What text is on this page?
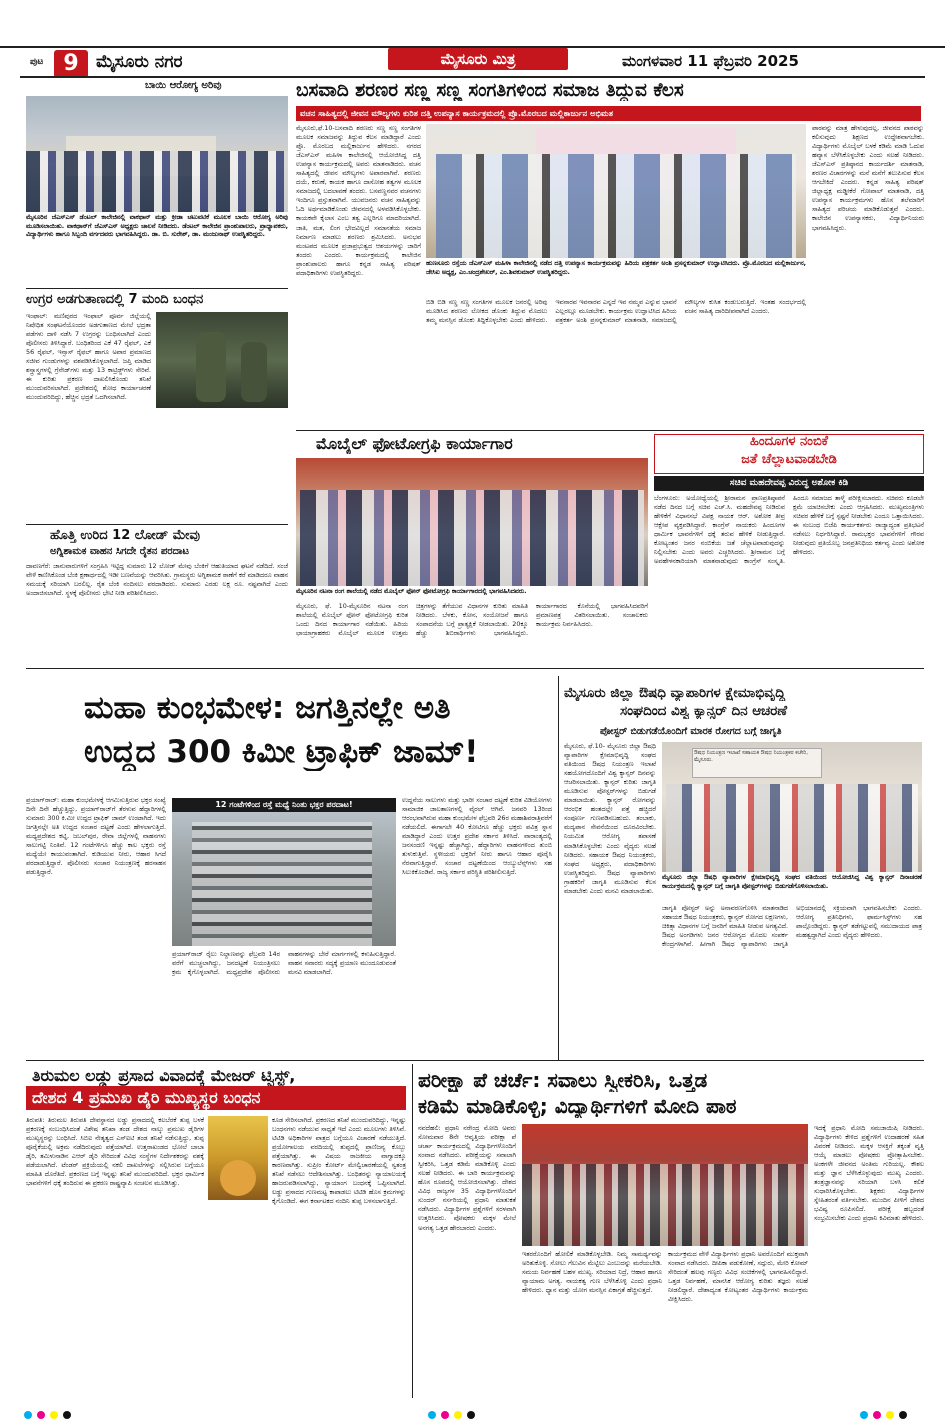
ಪುಟ 9	ಮೈಸೂರು ನಗರ	ಮೈಸೂರು ಮಿತ್ರ	ಮಂಗಳವಾರ 11 ಫೆಬ್ರವರಿ 2025
ಬಾಯಿ ಆರೋಗ್ಯ ಅರಿವು
ಮೈಸೂರಿನ ಜೆಎಸ್‌ಎಸ್ ಡೆಂಟಲ್ ಕಾಲೇಜಿನಲ್ಲಿ ವಾಕಥಾನ್ ಮತ್ತು ಕ್ರೀಡಾ ಚಟುವಟಿಕೆ ಮೂಲಕ ಬಾಯಿ ಆರೋಗ್ಯ ಅರಿವು ಮೂಡಿಸಲಾಯಿತು. ವಾಕಥಾನ್‌ಗೆ ಜೆಎಸ್‌ಎಸ್ ಅಧ್ಯಕ್ಷರು ಚಾಲನೆ ನೀಡಿದರು. ಡೆಂಟಲ್ ಕಾಲೇಜಿನ ಪ್ರಾಂಶುಪಾಲರು, ಪ್ರಾಧ್ಯಾಪಕರು, ವಿದ್ಯಾರ್ಥಿಗಳು ಹಾಗೂ ಸಿಬ್ಬಂದಿ ವರ್ಗದವರು ಭಾಗವಹಿಸಿದ್ದರು. ಡಾ. ಬಿ. ಸುರೇಶ್, ಡಾ. ಮಂಜುನಾಥ್ ಉಪಸ್ಥಿತರಿದ್ದರು.
ಉಗ್ರರ ಅಡಗುತಾಣದಲ್ಲಿ 7 ಮಂದಿ ಬಂಧನ
ಇಂಫಾಲ್: ಮಣಿಪುರದ ಇಂಫಾಲ್ ಪೂರ್ವ ಜಿಲ್ಲೆಯಲ್ಲಿ ನಿಷೇಧಿತ ಸಂಘಟನೆಯೊಂದರ ಅಡಗುತಾಣದ ಮೇಲೆ ಭದ್ರತಾ ಪಡೆಗಳು ದಾಳಿ ನಡೆಸಿ 7 ಉಗ್ರರನ್ನು ಬಂಧಿಸಲಾಗಿದೆ ಎಂದು ಪೊಲೀಸರು ತಿಳಿಸಿದ್ದಾರೆ. ಬಂಧಿತರಿಂದ ಎಕೆ 47 ರೈಫಲ್, ಎಕೆ 56 ರೈಫಲ್, ಇನ್ಸಾಸ್ ರೈಫಲ್ ಹಾಗೂ ಅಪಾರ ಪ್ರಮಾಣದ ಸಜೀವ ಗುಂಡುಗಳನ್ನು ವಶಪಡಿಸಿಕೊಳ್ಳಲಾಗಿದೆ. ಜಪ್ತಿ ಮಾಡಿದ ಶಸ್ತ್ರಾಸ್ತ್ರಗಳಲ್ಲಿ ಗ್ರೆನೇಡ್‌ಗಳು ಮತ್ತು 13 ಕಾಟ್ರಿಡ್ಜ್‌ಗಳು ಸೇರಿವೆ. ಈ ಕುರಿತು ಪ್ರಕರಣ ದಾಖಲಿಸಿಕೊಂಡು ತನಿಖೆ ಮುಂದುವರಿಸಲಾಗಿದೆ. ಪ್ರದೇಶದಲ್ಲಿ ಶೋಧ ಕಾರ್ಯಾಚರಣೆ ಮುಂದುವರಿದಿದ್ದು, ಹೆಚ್ಚಿನ ಭದ್ರತೆ ಒದಗಿಸಲಾಗಿದೆ.
ಹೊತ್ತಿ ಉರಿದ 12 ಲೋಡ್ ಮೇವು
ಅಗ್ನಿಶಾಮಕ ವಾಹನ ಸಿಗದೇ ರೈತನ ಪರದಾಟ
ದಾವಣಗೆರೆ: ಜಾನುವಾರುಗಳಿಗೆ ಸಂಗ್ರಹಿಸಿ ಇಟ್ಟಿದ್ದ ಸುಮಾರು 12 ಲೋಡ್ ಮೇವು ಬೆಂಕಿಗೆ ಆಹುತಿಯಾದ ಘಟನೆ ನಡೆದಿದೆ. ಸಂಜೆ ವೇಳೆ ಕಾಣಿಸಿಕೊಂಡ ಬೆಂಕಿ ಕ್ಷಣಾರ್ಧದಲ್ಲಿ ಇಡೀ ಬಣವೆಯನ್ನು ಆವರಿಸಿತು. ಗ್ರಾಮಸ್ಥರು ಅಗ್ನಿಶಾಮಕ ಠಾಣೆಗೆ ಕರೆ ಮಾಡಿದರೂ ವಾಹನ ಸಮಯಕ್ಕೆ ಸರಿಯಾಗಿ ಬರಲಿಲ್ಲ. ರೈತ ಬೆಂಕಿ ನಂದಿಸಲು ಪರದಾಡಿದರು. ಸುಮಾರು ಎರಡು ಲಕ್ಷ ರೂ. ನಷ್ಟವಾಗಿದೆ ಎಂದು ಅಂದಾಜಿಸಲಾಗಿದೆ. ಸ್ಥಳಕ್ಕೆ ಪೊಲೀಸರು ಭೇಟಿ ನೀಡಿ ಪರಿಶೀಲಿಸಿದರು.
ಬಸವಾದಿ ಶರಣರ ಸಣ್ಣ ಸಣ್ಣ ಸಂಗತಿಗಳಿಂದ ಸಮಾಜ ತಿದ್ದುವ ಕೆಲಸ
ವಚನ ಸಾಹಿತ್ಯದಲ್ಲಿ ಜೀವನ ಮೌಲ್ಯಗಳು ಕುರಿತ ದತ್ತಿ ಉಪನ್ಯಾಸ ಕಾರ್ಯಕ್ರಮದಲ್ಲಿ ಪ್ರೊ.ಮೊರಬದ ಮಲ್ಲಿಕಾರ್ಜುನ ಅಭಿಮತ
ಮೈಸೂರು,ಫೆ.10-ಬಸವಾದಿ ಶರಣರು ಸಣ್ಣ ಸಣ್ಣ ಸಂಗತಿಗಳ ಮೂಲಕ ಸಮಾಜವನ್ನು ತಿದ್ದುವ ಕೆಲಸ ಮಾಡಿದ್ದಾರೆ ಎಂದು ಪ್ರೊ. ಮೊರಬದ ಮಲ್ಲಿಕಾರ್ಜುನ ಹೇಳಿದರು. ನಗರದ ಜೆಎಸ್‌ಎಸ್ ಮಹಿಳಾ ಕಾಲೇಜಿನಲ್ಲಿ ಆಯೋಜಿಸಿದ್ದ ದತ್ತಿ ಉಪನ್ಯಾಸ ಕಾರ್ಯಕ್ರಮದಲ್ಲಿ ಅವರು ಮಾತನಾಡಿದರು. ವಚನ ಸಾಹಿತ್ಯದಲ್ಲಿ ಜೀವನ ಮೌಲ್ಯಗಳು ಅಪಾರವಾಗಿವೆ. ಶರಣರು ದಯೆ, ಕರುಣೆ, ಕಾಯಕ ಹಾಗೂ ದಾಸೋಹ ತತ್ವಗಳ ಮೂಲಕ ಸಮಾಜದಲ್ಲಿ ಬದಲಾವಣೆ ತಂದರು. ಬಸವಣ್ಣನವರ ವಚನಗಳು ಇಂದಿಗೂ ಪ್ರಸ್ತುತವಾಗಿವೆ. ಯುವಜನರು ವಚನ ಸಾಹಿತ್ಯವನ್ನು ಓದಿ ಅರ್ಥಮಾಡಿಕೊಂಡು ಜೀವನದಲ್ಲಿ ಅಳವಡಿಸಿಕೊಳ್ಳಬೇಕು. ಕಾಯಕವೇ ಕೈಲಾಸ ಎಂಬ ತತ್ವ ಎಲ್ಲರಿಗೂ ಮಾದರಿಯಾಗಿದೆ. ಜಾತಿ, ಮತ, ಲಿಂಗ ಭೇದವಿಲ್ಲದೆ ಸಮಾನತೆಯ ಸಮಾಜ ನಿರ್ಮಾಣ ಮಾಡಲು ಶರಣರು ಶ್ರಮಿಸಿದರು. ಅನುಭವ ಮಂಟಪದ ಮೂಲಕ ಪ್ರಜಾಪ್ರಭುತ್ವದ ಆಶಯಗಳನ್ನು ಜಾರಿಗೆ ತಂದರು ಎಂದರು. ಕಾರ್ಯಕ್ರಮದಲ್ಲಿ ಕಾಲೇಜಿನ ಪ್ರಾಂಶುಪಾಲರು ಹಾಗೂ ಕನ್ನಡ ಸಾಹಿತ್ಯ ಪರಿಷತ್ ಪದಾಧಿಕಾರಿಗಳು ಉಪಸ್ಥಿತರಿದ್ದರು.
ಹುಣಸೂರು ರಸ್ತೆಯ ಜೆಎಸ್‌ಎಸ್ ಮಹಿಳಾ ಕಾಲೇಜಿನಲ್ಲಿ ನಡೆದ ದತ್ತಿ ಉಪನ್ಯಾಸ ಕಾರ್ಯಕ್ರಮವನ್ನು ಹಿರಿಯ ಪತ್ರಕರ್ತ ಅಂಶಿ ಪ್ರಸನ್ನಕುಮಾರ್ ಉದ್ಘಾಟಿಸಿದರು. ಪ್ರೊ.ಮೊರಬದ ಮಲ್ಲಿಕಾರ್ಜುನ, ಜೇಸಿಐ ಅಧ್ಯಕ್ಷ, ಎಂ.ಚಂದ್ರಶೇಖರ್, ಎಂ.ಶಿವಕುಮಾರ್ ಉಪಸ್ಥಿತರಿದ್ದರು.
ಪಾಠವನ್ನು ಮಾತ್ರ ಹೇಳುವುದಲ್ಲ, ಜೀವನದ ಪಾಠವನ್ನು ಕಲಿಸುವುದು ಶಿಕ್ಷಣದ ಉದ್ದೇಶವಾಗಬೇಕು. ವಿದ್ಯಾರ್ಥಿಗಳು ಮೊಬೈಲ್ ಬಳಕೆ ಕಡಿಮೆ ಮಾಡಿ ಓದುವ ಹವ್ಯಾಸ ಬೆಳೆಸಿಕೊಳ್ಳಬೇಕು ಎಂದು ಸಲಹೆ ನೀಡಿದರು. ಜೆಎಸ್‌ಎಸ್ ಪ್ರತಿಷ್ಠಾನದ ಕಾರ್ಯದರ್ಶಿ ಮಾತನಾಡಿ, ಶರಣರ ವಿಚಾರಗಳನ್ನು ಮನೆ ಮನೆಗೆ ತಲುಪಿಸುವ ಕೆಲಸ ಆಗಬೇಕಿದೆ ಎಂದರು. ಕನ್ನಡ ಸಾಹಿತ್ಯ ಪರಿಷತ್ ಜಿಲ್ಲಾಧ್ಯಕ್ಷ ಮಡ್ಡೀಕೆರೆ ಗೋಪಾಲ್ ಮಾತನಾಡಿ, ದತ್ತಿ ಉಪನ್ಯಾಸ ಕಾರ್ಯಕ್ರಮಗಳು ಹೊಸ ತಲೆಮಾರಿಗೆ ಸಾಹಿತ್ಯದ ಪರಿಚಯ ಮಾಡಿಕೊಡುತ್ತವೆ ಎಂದರು. ಕಾಲೇಜಿನ ಉಪನ್ಯಾಸಕರು, ವಿದ್ಯಾರ್ಥಿನಿಯರು ಭಾಗವಹಿಸಿದ್ದರು.
ಬಿಡಿ ಬಿಡಿ ಸಣ್ಣ ಸಣ್ಣ ಸಂಗತಿಗಳ ಮೂಲಕ ಜನರಲ್ಲಿ ಅರಿವು ಮೂಡಿಸಿದ ಶರಣರು ಲೋಕದ ಡೊಂಕು ತಿದ್ದುವ ಮೊದಲು ತಮ್ಮ ಮನಸ್ಸಿನ ಡೊಂಕು ತಿದ್ದಿಕೊಳ್ಳಬೇಕು ಎಂದು ಹೇಳಿದರು. ಇವನಾರವ ಇವನಾರವ ಎನ್ನದೆ ಇವ ನಮ್ಮವ ಎನ್ನುವ ಭಾವನೆ ಎಲ್ಲರಲ್ಲೂ ಮೂಡಬೇಕು. ಕಾರ್ಯಕ್ರಮ ಉದ್ಘಾಟಿಸಿದ ಹಿರಿಯ ಪತ್ರಕರ್ತ ಅಂಶಿ ಪ್ರಸನ್ನಕುಮಾರ್ ಮಾತನಾಡಿ, ಸಮಾಜದಲ್ಲಿ ಮೌಲ್ಯಗಳ ಕುಸಿತ ಕಂಡುಬರುತ್ತಿದೆ. ಇಂತಹ ಸಂದರ್ಭದಲ್ಲಿ ವಚನ ಸಾಹಿತ್ಯ ದಾರಿದೀಪವಾಗಿದೆ ಎಂದರು.
ಮೊಬೈಲ್ ಫೋಟೋಗ್ರಫಿ ಕಾರ್ಯಾಗಾರ
ಮೈಸೂರಿನ ನಟನಾ ರಂಗ ಶಾಲೆಯಲ್ಲಿ ನಡೆದ ಮೊಬೈಲ್ ಫೋನ್ ಫೋಟೋಗ್ರಫಿ ಕಾರ್ಯಾಗಾರದಲ್ಲಿ ಭಾಗವಹಿಸಿದವರು.
ಮೈಸೂರು, ಫೆ. 10-ಮೈಸೂರಿನ ನಟನಾ ರಂಗ ಶಾಲೆಯಲ್ಲಿ ಮೊಬೈಲ್ ಫೋನ್ ಫೋಟೋಗ್ರಫಿ ಕುರಿತ ಒಂದು ದಿನದ ಕಾರ್ಯಾಗಾರ ನಡೆಯಿತು. ಹಿರಿಯ ಛಾಯಾಗ್ರಾಹಕರು ಮೊಬೈಲ್ ಮೂಲಕ ಉತ್ತಮ ಚಿತ್ರಗಳನ್ನು ತೆಗೆಯುವ ವಿಧಾನಗಳ ಕುರಿತು ಮಾಹಿತಿ ನೀಡಿದರು. ಬೆಳಕು, ಕೋನ, ಸಂಯೋಜನೆ ಹಾಗೂ ಸಂಪಾದನೆಯ ಬಗ್ಗೆ ಪ್ರಾತ್ಯಕ್ಷಿಕೆ ನೀಡಲಾಯಿತು. 20ಕ್ಕೂ ಹೆಚ್ಚು ಶಿಬಿರಾರ್ಥಿಗಳು ಭಾಗವಹಿಸಿದ್ದರು. ಕಾರ್ಯಾಗಾರದ ಕೊನೆಯಲ್ಲಿ ಭಾಗವಹಿಸಿದವರಿಗೆ ಪ್ರಮಾಣಪತ್ರ ವಿತರಿಸಲಾಯಿತು. ಸಂಚಾಲಕರು ಕಾರ್ಯಕ್ರಮ ನಿರ್ವಹಿಸಿದರು.
ಹಿಂದೂಗಳ ನಂಬಿಕೆ
ಜತೆ ಚೆಲ್ಲಾಟವಾಡಬೇಡಿ
ಸಚಿವ ಮಹದೇವಪ್ಪ ವಿರುದ್ಧ ಅಶೋಕ ಕಿಡಿ
ಬೆಂಗಳೂರು: ಅಯೋಧ್ಯೆಯಲ್ಲಿ ಶ್ರೀರಾಮನ ಪ್ರಾಣಪ್ರತಿಷ್ಠಾಪನೆ ನಡೆದ ದಿನದ ಬಗ್ಗೆ ಸಚಿವ ಎಚ್.ಸಿ. ಮಹದೇವಪ್ಪ ನೀಡಿರುವ ಹೇಳಿಕೆಗೆ ವಿಧಾನಸಭೆ ವಿಪಕ್ಷ ನಾಯಕ ಆರ್. ಅಶೋಕ ತೀವ್ರ ಆಕ್ಷೇಪ ವ್ಯಕ್ತಪಡಿಸಿದ್ದಾರೆ. ಕಾಂಗ್ರೆಸ್ ನಾಯಕರು ಹಿಂದೂಗಳ ಧಾರ್ಮಿಕ ಭಾವನೆಗಳಿಗೆ ಧಕ್ಕೆ ತರುವ ಹೇಳಿಕೆ ನೀಡುತ್ತಿದ್ದಾರೆ. ಕೋಟ್ಯಂತರ ಜನರ ನಂಬಿಕೆಯ ಜತೆ ಚೆಲ್ಲಾಟವಾಡುವುದನ್ನು ನಿಲ್ಲಿಸಬೇಕು ಎಂದು ಅವರು ಎಚ್ಚರಿಸಿದರು. ಶ್ರೀರಾಮನ ಬಗ್ಗೆ ಅವಹೇಳನಕಾರಿಯಾಗಿ ಮಾತನಾಡುವುದು ಕಾಂಗ್ರೆಸ್ ಸಂಸ್ಕೃತಿ. ಹಿಂದೂ ಸಮಾಜದ ತಾಳ್ಮೆ ಪರೀಕ್ಷಿಸಬಾರದು. ಸಚಿವರು ಕೂಡಲೇ ಕ್ಷಮೆ ಯಾಚಿಸಬೇಕು ಎಂದು ಆಗ್ರಹಿಸಿದರು. ಮುಖ್ಯಮಂತ್ರಿಗಳು ಸಚಿವರ ಹೇಳಿಕೆ ಬಗ್ಗೆ ಸ್ಪಷ್ಟನೆ ನೀಡಬೇಕು ಎಂದೂ ಒತ್ತಾಯಿಸಿದರು. ಈ ಸಂಬಂಧ ಬಿಜೆಪಿ ಕಾರ್ಯಕರ್ತರು ರಾಜ್ಯಾದ್ಯಂತ ಪ್ರತಿಭಟನೆ ನಡೆಸಲು ನಿರ್ಧರಿಸಿದ್ದಾರೆ. ರಾಮಭಕ್ತರ ಭಾವನೆಗಳಿಗೆ ಗೌರವ ನೀಡುವುದು ಪ್ರತಿಯೊಬ್ಬ ಜನಪ್ರತಿನಿಧಿಯ ಕರ್ತವ್ಯ ಎಂದು ಅಶೋಕ ಹೇಳಿದರು.
ಮಹಾ ಕುಂಭಮೇಳ: ಜಗತ್ತಿನಲ್ಲೇ ಅತಿ
ಉದ್ದದ 300 ಕಿಮೀ ಟ್ರಾಫಿಕ್ ಜಾಮ್!
ಪ್ರಯಾಗ್‌ರಾಜ್: ಮಹಾ ಕುಂಭಮೇಳಕ್ಕೆ ಆಗಮಿಸುತ್ತಿರುವ ಭಕ್ತರ ಸಂಖ್ಯೆ ದಿನೇ ದಿನೇ ಹೆಚ್ಚುತ್ತಿದ್ದು, ಪ್ರಯಾಗ್‌ರಾಜ್‌ಗೆ ತೆರಳುವ ಹೆದ್ದಾರಿಗಳಲ್ಲಿ ಸುಮಾರು 300 ಕಿ.ಮೀ ಉದ್ದದ ಟ್ರಾಫಿಕ್ ಜಾಮ್ ಉಂಟಾಗಿದೆ. ಇದು ಜಗತ್ತಿನಲ್ಲೇ ಅತಿ ಉದ್ದದ ಸಂಚಾರ ದಟ್ಟಣೆ ಎಂದು ಹೇಳಲಾಗುತ್ತಿದೆ. ಮಧ್ಯಪ್ರದೇಶದ ಕಟ್ನಿ, ಜಬಲ್‌ಪುರ, ರೇವಾ ಜಿಲ್ಲೆಗಳಲ್ಲಿ ವಾಹನಗಳು ಸಾಲುಗಟ್ಟಿ ನಿಂತಿವೆ. 12 ಗಂಟೆಗಳಿಗೂ ಹೆಚ್ಚು ಕಾಲ ಭಕ್ತರು ರಸ್ತೆ ಮಧ್ಯೆಯೇ ಕಾಯುವಂತಾಗಿದೆ. ಕುಡಿಯುವ ನೀರು, ಆಹಾರ ಸಿಗದೆ ಪರದಾಡುತ್ತಿದ್ದಾರೆ. ಪೊಲೀಸರು ಸಂಚಾರ ನಿಯಂತ್ರಣಕ್ಕೆ ಹರಸಾಹಸ ಪಡುತ್ತಿದ್ದಾರೆ.
12 ಗಂಟೆಗಳಿಂದ ರಸ್ತೆ ಮಧ್ಯೆ ನಿಂತು ಭಕ್ತರ ಪರದಾಟ!
ಪ್ರಯಾಗ್‌ರಾಜ್ ರೈಲು ನಿಲ್ದಾಣವನ್ನು ಫೆಬ್ರವರಿ 14ರ ವರೆಗೆ ಮುಚ್ಚಲಾಗಿದ್ದು, ಜನದಟ್ಟಣೆ ನಿಯಂತ್ರಿಸಲು ಕ್ರಮ ಕೈಗೊಳ್ಳಲಾಗಿದೆ. ಮಧ್ಯಪ್ರದೇಶ ಪೊಲೀಸರು ವಾಹನಗಳನ್ನು ಬೇರೆ ಮಾರ್ಗಗಳಲ್ಲಿ ಕಳುಹಿಸುತ್ತಿದ್ದಾರೆ. ವಾಹನ ಸವಾರರು ಸದ್ಯಕ್ಕೆ ಪ್ರಯಾಣ ಮುಂದೂಡುವಂತೆ ಮನವಿ ಮಾಡಲಾಗಿದೆ.
ಉದ್ದನೆಯ ಸಾಲುಗಳು ಮತ್ತು ಭಾರೀ ಸಂಚಾರ ದಟ್ಟಣೆ ಕುರಿತ ವಿಡಿಯೋಗಳು ಸಾಮಾಜಿಕ ಜಾಲತಾಣಗಳಲ್ಲಿ ವೈರಲ್ ಆಗಿವೆ. ಜನವರಿ 13ರಿಂದ ಆರಂಭವಾಗಿರುವ ಮಹಾ ಕುಂಭಮೇಳ ಫೆಬ್ರವರಿ 26ರ ಮಹಾಶಿವರಾತ್ರಿವರೆಗೆ ನಡೆಯಲಿದೆ. ಈಗಾಗಲೇ 40 ಕೋಟಿಗೂ ಹೆಚ್ಚು ಭಕ್ತರು ಪವಿತ್ರ ಸ್ನಾನ ಮಾಡಿದ್ದಾರೆ ಎಂದು ಉತ್ತರ ಪ್ರದೇಶ ಸರ್ಕಾರ ತಿಳಿಸಿದೆ. ವಾರಾಂತ್ಯದಲ್ಲಿ ಜನಸಂದಣಿ ಇನ್ನಷ್ಟು ಹೆಚ್ಚಾಗಿದ್ದು, ಹೆದ್ದಾರಿಗಳು ವಾಹನಗಳಿಂದ ತುಂಬಿ ತುಳುಕುತ್ತಿವೆ. ಸ್ಥಳೀಯರು ಭಕ್ತರಿಗೆ ನೀರು ಹಾಗೂ ಆಹಾರ ಪೂರೈಸಿ ನೆರವಾಗುತ್ತಿದ್ದಾರೆ. ಸಂಚಾರ ದಟ್ಟಣೆಯಿಂದ ಆಂಬ್ಯುಲೆನ್ಸ್‌ಗಳು ಸಹ ಸಿಲುಕಿಕೊಂಡಿವೆ. ರಾಜ್ಯ ಸರ್ಕಾರ ಪರಿಸ್ಥಿತಿ ಪರಿಶೀಲಿಸುತ್ತಿದೆ.
ಮೈಸೂರು ಜಿಲ್ಲಾ ಔಷಧಿ ವ್ಯಾಪಾರಿಗಳ ಕ್ಷೇಮಾಭಿವೃದ್ಧಿ
ಸಂಘದಿಂದ ವಿಶ್ವ ಕ್ಯಾನ್ಸರ್ ದಿನ ಆಚರಣೆ
ಪೋಸ್ಟರ್ ಬಿಡುಗಡೆಯೊಂದಿಗೆ ಮಾರಕ ರೋಗದ ಬಗ್ಗೆ ಜಾಗೃತಿ
ಮೈಸೂರು, ಫೆ.10- ಮೈಸೂರು ಜಿಲ್ಲಾ ಔಷಧಿ ವ್ಯಾಪಾರಿಗಳ ಕ್ಷೇಮಾಭಿವೃದ್ಧಿ ಸಂಘದ ವತಿಯಿಂದ ಔಷಧ ನಿಯಂತ್ರಣ ಇಲಾಖೆ ಸಹಯೋಗದೊಂದಿಗೆ ವಿಶ್ವ ಕ್ಯಾನ್ಸರ್ ದಿನವನ್ನು ಆಚರಿಸಲಾಯಿತು. ಕ್ಯಾನ್ಸರ್ ಕುರಿತು ಜಾಗೃತಿ ಮೂಡಿಸುವ ಪೋಸ್ಟರ್‌ಗಳನ್ನು ಬಿಡುಗಡೆ ಮಾಡಲಾಯಿತು. ಕ್ಯಾನ್ಸರ್ ರೋಗವನ್ನು ಆರಂಭಿಕ ಹಂತದಲ್ಲೇ ಪತ್ತೆ ಹಚ್ಚಿದರೆ ಸಂಪೂರ್ಣ ಗುಣಪಡಿಸಬಹುದು. ತಂಬಾಕು, ಮದ್ಯಪಾನ ಸೇವನೆಯಿಂದ ದೂರವಿರಬೇಕು. ನಿಯಮಿತ ಆರೋಗ್ಯ ತಪಾಸಣೆ ಮಾಡಿಸಿಕೊಳ್ಳಬೇಕು ಎಂದು ವೈದ್ಯರು ಸಲಹೆ ನೀಡಿದರು. ಸಹಾಯಕ ಔಷಧ ನಿಯಂತ್ರಕರು, ಸಂಘದ ಅಧ್ಯಕ್ಷರು, ಪದಾಧಿಕಾರಿಗಳು ಉಪಸ್ಥಿತರಿದ್ದರು. ಔಷಧ ವ್ಯಾಪಾರಿಗಳು ಗ್ರಾಹಕರಿಗೆ ಜಾಗೃತಿ ಮೂಡಿಸುವ ಕೆಲಸ ಮಾಡಬೇಕು ಎಂದು ಮನವಿ ಮಾಡಲಾಯಿತು.
ಔಷಧ ನಿಯಂತ್ರಣ ಇಲಾಖೆ ಸಹಾಯಕ ಔಷಧ ನಿಯಂತ್ರಕರ ಕಚೇರಿ, ಮೈಸೂರು.
ಮೈಸೂರು ಜಿಲ್ಲಾ ಔಷಧಿ ವ್ಯಾಪಾರಿಗಳ ಕ್ಷೇಮಾಭಿವೃದ್ಧಿ ಸಂಘದ ವತಿಯಿಂದ ಆಯೋಜಿಸಿದ್ದ ವಿಶ್ವ ಕ್ಯಾನ್ಸರ್ ದಿನಾಚರಣೆ ಕಾರ್ಯಕ್ರಮದಲ್ಲಿ ಕ್ಯಾನ್ಸರ್ ಬಗ್ಗೆ ಜಾಗೃತಿ ಪೋಸ್ಟರ್‌ಗಳನ್ನು ಬಿಡುಗಡೆಗೊಳಿಸಲಾಯಿತು.
ಜಾಗೃತಿ ಪೋಸ್ಟರ್ ಅನ್ನು ಅನಾವರಣಗೊಳಿಸಿ ಮಾತನಾಡಿದ ಸಹಾಯಕ ಔಷಧ ನಿಯಂತ್ರಕರು, ಕ್ಯಾನ್ಸರ್ ರೋಗದ ಲಕ್ಷಣಗಳು, ಚಿಕಿತ್ಸಾ ವಿಧಾನಗಳ ಬಗ್ಗೆ ಜನರಿಗೆ ಮಾಹಿತಿ ನೀಡುವ ಅಗತ್ಯವಿದೆ. ಔಷಧ ಅಂಗಡಿಗಳು ಜನರ ಆರೋಗ್ಯದ ಮೊದಲ ಸಂಪರ್ಕ ಕೇಂದ್ರಗಳಾಗಿವೆ. ಹೀಗಾಗಿ ಔಷಧ ವ್ಯಾಪಾರಿಗಳು ಜಾಗೃತಿ ಅಭಿಯಾನದಲ್ಲಿ ಸಕ್ರಿಯವಾಗಿ ಭಾಗವಹಿಸಬೇಕು ಎಂದರು. ಆರೋಗ್ಯ ಪ್ರತಿನಿಧಿಗಳು, ಫಾರ್ಮಸಿಸ್ಟ್‌ಗಳು ಸಹ ಪಾಲ್ಗೊಂಡಿದ್ದರು. ಕ್ಯಾನ್ಸರ್ ತಡೆಗಟ್ಟುವಲ್ಲಿ ಸಮುದಾಯದ ಪಾತ್ರ ಮಹತ್ವದ್ದಾಗಿದೆ ಎಂದು ವೈದ್ಯರು ಹೇಳಿದರು.
ತಿರುಮಲ ಲಡ್ಡು ಪ್ರಸಾದ ವಿವಾದಕ್ಕೆ ಮೇಜರ್ ಟ್ವಿಸ್ಟ್,
ದೇಶದ 4 ಪ್ರಮುಖ ಡೈರಿ ಮುಖ್ಯಸ್ಥರ ಬಂಧನ
ತಿರುಪತಿ: ತಿರುಮಲ ತಿರುಪತಿ ದೇವಸ್ಥಾನದ ಲಡ್ಡು ಪ್ರಸಾದದಲ್ಲಿ ಕಲಬೆರಕೆ ತುಪ್ಪ ಬಳಕೆ ಪ್ರಕರಣಕ್ಕೆ ಸಂಬಂಧಿಸಿದಂತೆ ವಿಶೇಷ ತನಿಖಾ ತಂಡ ದೇಶದ ನಾಲ್ಕು ಪ್ರಮುಖ ಡೈರಿಗಳ ಮುಖ್ಯಸ್ಥರನ್ನು ಬಂಧಿಸಿದೆ. ಸಿಬಿಐ ನೇತೃತ್ವದ ಎಸ್‌ಐಟಿ ತಂಡ ತನಿಖೆ ನಡೆಸುತ್ತಿದ್ದು, ತುಪ್ಪ ಪೂರೈಕೆಯಲ್ಲಿ ಅಕ್ರಮ ನಡೆದಿರುವುದು ಪತ್ತೆಯಾಗಿದೆ. ಉತ್ತರಾಖಂಡದ ಭೋಲೆ ಬಾಬಾ ಡೈರಿ, ತಮಿಳುನಾಡಿನ ಎಆರ್ ಡೈರಿ ಸೇರಿದಂತೆ ವಿವಿಧ ಸಂಸ್ಥೆಗಳ ನಿರ್ದೇಶಕರನ್ನು ವಶಕ್ಕೆ ಪಡೆಯಲಾಗಿದೆ. ಟೆಂಡರ್ ಪ್ರಕ್ರಿಯೆಯಲ್ಲಿ ನಕಲಿ ದಾಖಲೆಗಳನ್ನು ಸಲ್ಲಿಸಿರುವ ಬಗ್ಗೆಯೂ ಮಾಹಿತಿ ದೊರೆತಿದೆ. ಪ್ರಕರಣದ ಬಗ್ಗೆ ಇನ್ನಷ್ಟು ತನಿಖೆ ಮುಂದುವರಿದಿದೆ. ಭಕ್ತರ ಧಾರ್ಮಿಕ ಭಾವನೆಗಳಿಗೆ ಧಕ್ಕೆ ತಂದಿರುವ ಈ ಪ್ರಕರಣ ರಾಷ್ಟ್ರವ್ಯಾಪಿ ಸಂಚಲನ ಮೂಡಿಸಿತ್ತು.
ಕೂಡ ಸೇರಿಸಲಾಗಿದೆ. ಪ್ರಕರಣದ ತನಿಖೆ ಮುಂದುವರಿದಿದ್ದು, ಇನ್ನಷ್ಟು ಬಂಧನಗಳು ನಡೆಯುವ ಸಾಧ್ಯತೆ ಇದೆ ಎಂದು ಮೂಲಗಳು ತಿಳಿಸಿವೆ. ಟಿಟಿಡಿ ಅಧಿಕಾರಿಗಳ ಪಾತ್ರದ ಬಗ್ಗೆಯೂ ವಿಚಾರಣೆ ನಡೆಯುತ್ತಿದೆ. ಪ್ರಯೋಗಾಲಯ ವರದಿಯಲ್ಲಿ ತುಪ್ಪದಲ್ಲಿ ಪ್ರಾಣಿಜನ್ಯ ಕೊಬ್ಬು ಪತ್ತೆಯಾಗಿತ್ತು. ಈ ವಿಷಯ ರಾಜಕೀಯ ವಾಗ್ವಾದಕ್ಕೂ ಕಾರಣವಾಗಿತ್ತು. ಸುಪ್ರೀಂ ಕೋರ್ಟ್ ಮೇಲ್ವಿಚಾರಣೆಯಲ್ಲಿ ಸ್ವತಂತ್ರ ತನಿಖೆ ನಡೆಸಲು ಆದೇಶಿಸಲಾಗಿತ್ತು. ಬಂಧಿತರನ್ನು ನ್ಯಾಯಾಲಯಕ್ಕೆ ಹಾಜರುಪಡಿಸಲಾಗಿದ್ದು, ನ್ಯಾಯಾಂಗ ಬಂಧನಕ್ಕೆ ಒಪ್ಪಿಸಲಾಗಿದೆ. ಲಡ್ಡು ಪ್ರಸಾದದ ಗುಣಮಟ್ಟ ಕಾಪಾಡಲು ಟಿಟಿಡಿ ಹೊಸ ಕ್ರಮಗಳನ್ನು ಕೈಗೊಂಡಿದೆ. ಈಗ ಕರ್ನಾಟಕದ ನಂದಿನಿ ತುಪ್ಪ ಬಳಸಲಾಗುತ್ತಿದೆ.
ಪರೀಕ್ಷಾ ಪೆ ಚರ್ಚೆ: ಸವಾಲು ಸ್ವೀಕರಿಸಿ, ಒತ್ತಡ
ಕಡಿಮೆ ಮಾಡಿಕೊಳ್ಳಿ; ವಿದ್ಯಾರ್ಥಿಗಳಿಗೆ ಮೋದಿ ಪಾಠ
ನವದೆಹಲಿ: ಪ್ರಧಾನಿ ನರೇಂದ್ರ ಮೋದಿ ಅವರು ಸೋಮವಾರ 8ನೇ ಆವೃತ್ತಿಯ ಪರೀಕ್ಷಾ ಪೆ ಚರ್ಚಾ ಕಾರ್ಯಕ್ರಮದಲ್ಲಿ ವಿದ್ಯಾರ್ಥಿಗಳೊಂದಿಗೆ ಸಂವಾದ ನಡೆಸಿದರು. ಪರೀಕ್ಷೆಯನ್ನು ಸವಾಲಾಗಿ ಸ್ವೀಕರಿಸಿ, ಒತ್ತಡ ಕಡಿಮೆ ಮಾಡಿಕೊಳ್ಳಿ ಎಂದು ಸಲಹೆ ನೀಡಿದರು. ಈ ಬಾರಿ ಕಾರ್ಯಕ್ರಮವನ್ನು ಹೊಸ ರೂಪದಲ್ಲಿ ಆಯೋಜಿಸಲಾಗಿತ್ತು. ದೇಶದ ವಿವಿಧ ರಾಜ್ಯಗಳ 35 ವಿದ್ಯಾರ್ಥಿಗಳೊಂದಿಗೆ ಸುಂದರ್ ನರ್ಸರಿಯಲ್ಲಿ ಪ್ರಧಾನಿ ಮಾತುಕತೆ ನಡೆಸಿದರು. ವಿದ್ಯಾರ್ಥಿಗಳ ಪ್ರಶ್ನೆಗಳಿಗೆ ಸರಳವಾಗಿ ಉತ್ತರಿಸಿದರು. ಪೋಷಕರು ಮಕ್ಕಳ ಮೇಲೆ ಅನಗತ್ಯ ಒತ್ತಡ ಹೇರಬಾರದು ಎಂದರು.
ಇತರರೊಂದಿಗೆ ಹೋಲಿಕೆ ಮಾಡಿಕೊಳ್ಳಬೇಡಿ. ನಿಮ್ಮ ಸಾಮರ್ಥ್ಯವನ್ನು ಅರಿತುಕೊಳ್ಳಿ. ಸೋಲು ಗೆಲುವಿನ ಮೆಟ್ಟಿಲು ಎಂಬುದನ್ನು ಮರೆಯಬೇಡಿ. ಸಮಯ ನಿರ್ವಹಣೆ ಬಹಳ ಮುಖ್ಯ. ಸರಿಯಾದ ನಿದ್ರೆ, ಆಹಾರ ಹಾಗೂ ವ್ಯಾಯಾಮ ಅಗತ್ಯ. ನಾಯಕತ್ವ ಗುಣ ಬೆಳೆಸಿಕೊಳ್ಳಿ ಎಂದು ಪ್ರಧಾನಿ ಹೇಳಿದರು. ಧ್ಯಾನ ಮತ್ತು ಯೋಗ ಮನಸ್ಸಿನ ಏಕಾಗ್ರತೆ ಹೆಚ್ಚಿಸುತ್ತದೆ.
ಕಾರ್ಯಕ್ರಮದ ವೇಳೆ ವಿದ್ಯಾರ್ಥಿಗಳು ಪ್ರಧಾನಿ ಅವರೊಂದಿಗೆ ಮುಕ್ತವಾಗಿ ಸಂವಾದ ನಡೆಸಿದರು. ದೀಪಿಕಾ ಪಡುಕೋಣೆ, ಸದ್ಗುರು, ಮೇರಿ ಕೋಮ್ ಸೇರಿದಂತೆ ಹಲವು ಗಣ್ಯರು ವಿವಿಧ ಸಂಚಿಕೆಗಳಲ್ಲಿ ಭಾಗವಹಿಸಲಿದ್ದಾರೆ. ಒತ್ತಡ ನಿರ್ವಹಣೆ, ಮಾನಸಿಕ ಆರೋಗ್ಯ ಕುರಿತು ತಜ್ಞರು ಸಲಹೆ ನೀಡಲಿದ್ದಾರೆ. ದೇಶಾದ್ಯಂತ ಕೋಟ್ಯಂತರ ವಿದ್ಯಾರ್ಥಿಗಳು ಕಾರ್ಯಕ್ರಮ ವೀಕ್ಷಿಸಿದರು.
ಇದಕ್ಕೆ ಪ್ರಧಾನಿ ಮೋದಿ ಸಮಜಾಯಿಷಿ ನೀಡಿದರು. ವಿದ್ಯಾರ್ಥಿಗಳು ಕೇಳಿದ ಪ್ರಶ್ನೆಗಳಿಗೆ ಉದಾಹರಣೆ ಸಹಿತ ವಿವರಣೆ ನೀಡಿದರು. ಮಕ್ಕಳ ಆಸಕ್ತಿಗೆ ತಕ್ಕಂತೆ ವೃತ್ತಿ ಆಯ್ಕೆ ಮಾಡಲು ಪೋಷಕರು ಪ್ರೋತ್ಸಾಹಿಸಬೇಕು. ಅಂಕಗಳೇ ಜೀವನದ ಅಂತಿಮ ಗುರಿಯಲ್ಲ. ಕೌಶಲ ಮತ್ತು ಜ್ಞಾನ ಬೆಳೆಸಿಕೊಳ್ಳುವುದು ಮುಖ್ಯ ಎಂದರು. ತಂತ್ರಜ್ಞಾನವನ್ನು ಸರಿಯಾಗಿ ಬಳಸಿ ಕಲಿಕೆ ಸುಧಾರಿಸಿಕೊಳ್ಳಬೇಕು. ಶಿಕ್ಷಕರು ವಿದ್ಯಾರ್ಥಿಗಳ ಸ್ನೇಹಿತರಂತೆ ವರ್ತಿಸಬೇಕು. ಮುಂದಿನ ಪೀಳಿಗೆ ದೇಶದ ಭವಿಷ್ಯ ರೂಪಿಸಲಿದೆ. ಪರೀಕ್ಷೆ ಹಬ್ಬದಂತೆ ಸಂಭ್ರಮಿಸಬೇಕು ಎಂದು ಪ್ರಧಾನಿ ಕಿವಿಮಾತು ಹೇಳಿದರು.
